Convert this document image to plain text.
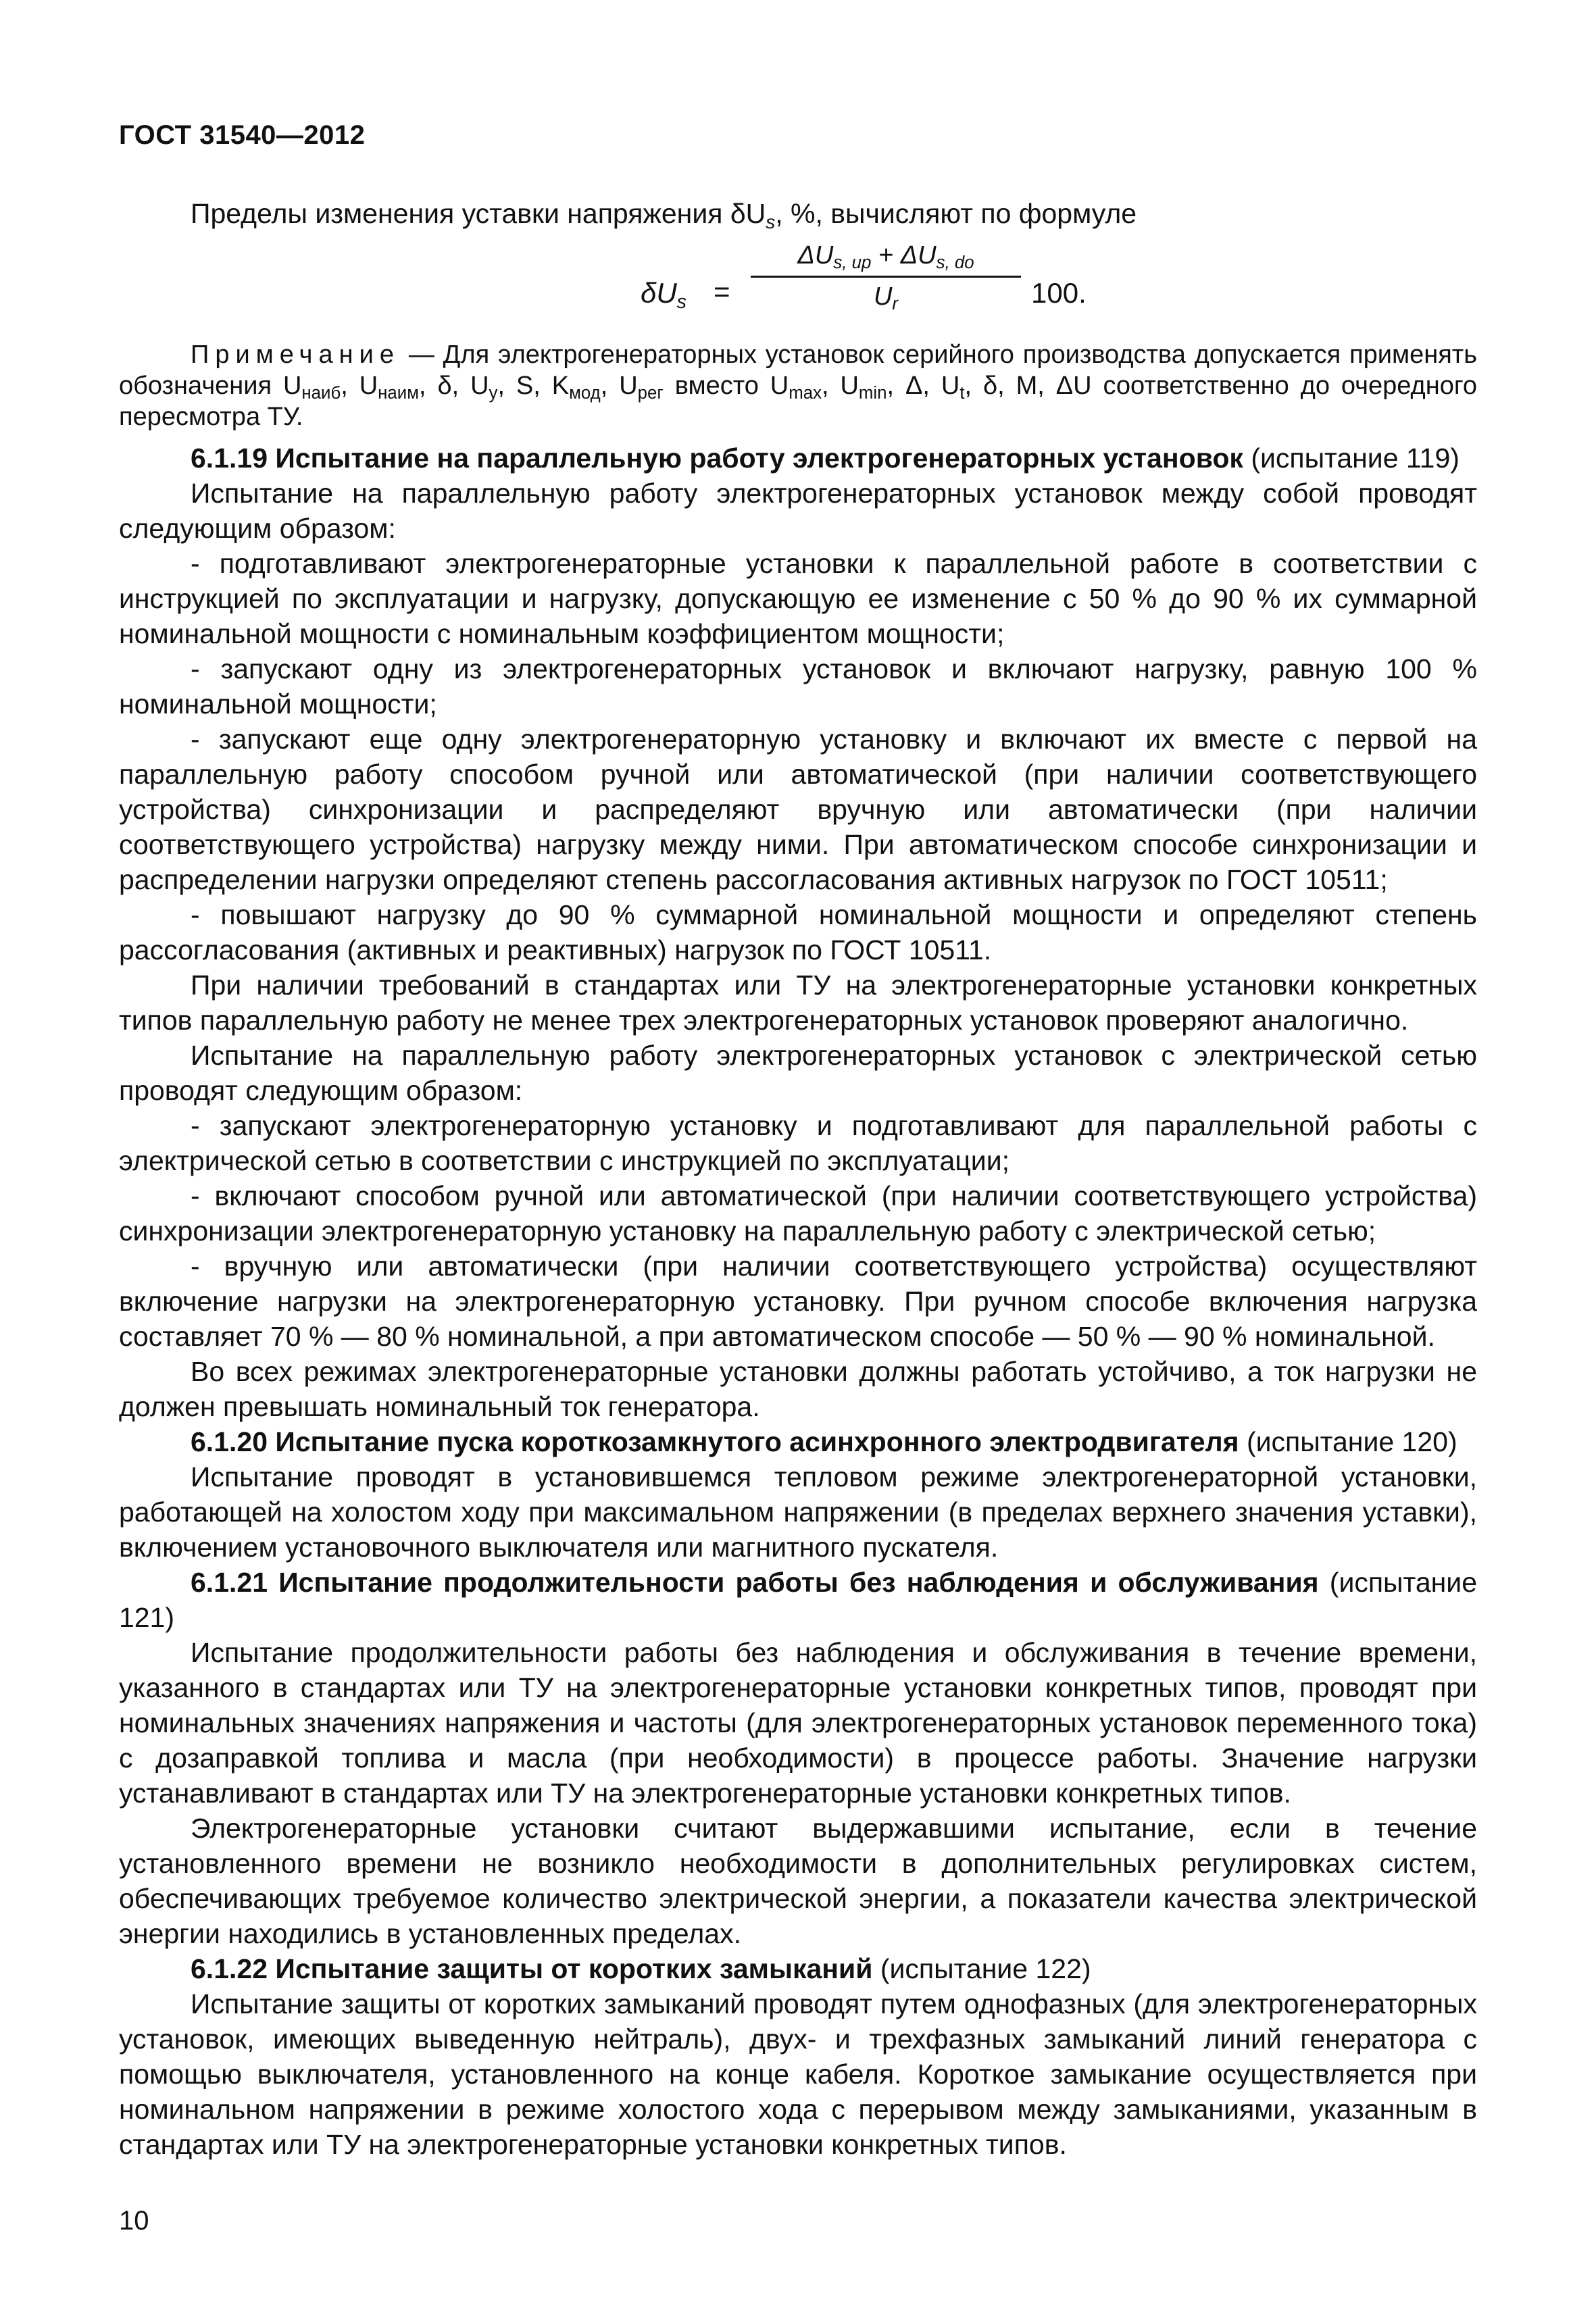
ГОСТ 31540—2012

Пределы изменения уставки напряжения $\delta U_s$, %, вычисляют по формуле

$\delta U_s$ =
$\Delta U_{s, up} + \Delta U_{s, do}$
$U_r$	100.

Примечание — Для электрогенераторных установок серийного производства допускается применять обозначения $U_{наиб}$, $U_{наим}$, δ, $U_у$, S, $K_{мод}$, $U_{рег}$ вместо $U_{max}$, $U_{min}$, Δ, $U_t$, δ, M, ΔU соответственно до очередного пересмотра ТУ.

6.1.19 Испытание на параллельную работу электрогенераторных установок (испытание 119)

Испытание на параллельную работу электрогенераторных установок между собой проводят следующим образом:

- подготавливают электрогенераторные установки к параллельной работе в соответствии с инструкцией по эксплуатации и нагрузку, допускающую ее изменение с 50 % до 90 % их суммарной номинальной мощности с номинальным коэффициентом мощности;

- запускают одну из электрогенераторных установок и включают нагрузку, равную 100 % номинальной мощности;

- запускают еще одну электрогенераторную установку и включают их вместе с первой на параллельную работу способом ручной или автоматической (при наличии соответствующего устройства) синхронизации и распределяют вручную или автоматически (при наличии соответствующего устройства) нагрузку между ними. При автоматическом способе синхронизации и распределении нагрузки определяют степень рассогласования активных нагрузок по ГОСТ 10511;

- повышают нагрузку до 90 % суммарной номинальной мощности и определяют степень рассогласования (активных и реактивных) нагрузок по ГОСТ 10511.

При наличии требований в стандартах или ТУ на электрогенераторные установки конкретных типов параллельную работу не менее трех электрогенераторных установок проверяют аналогично.

Испытание на параллельную работу электрогенераторных установок с электрической сетью проводят следующим образом:

- запускают электрогенераторную установку и подготавливают для параллельной работы с электрической сетью в соответствии с инструкцией по эксплуатации;

- включают способом ручной или автоматической (при наличии соответствующего устройства) синхронизации электрогенераторную установку на параллельную работу с электрической сетью;

- вручную или автоматически (при наличии соответствующего устройства) осуществляют включение нагрузки на электрогенераторную установку. При ручном способе включения нагрузка составляет 70 % — 80 % номинальной, а при автоматическом способе — 50 % — 90 % номинальной.

Во всех режимах электрогенераторные установки должны работать устойчиво, а ток нагрузки не должен превышать номинальный ток генератора.

6.1.20 Испытание пуска короткозамкнутого асинхронного электродвигателя (испытание 120)

Испытание проводят в установившемся тепловом режиме электрогенераторной установки, работающей на холостом ходу при максимальном напряжении (в пределах верхнего значения уставки), включением установочного выключателя или магнитного пускателя.

6.1.21 Испытание продолжительности работы без наблюдения и обслуживания (испытание 121)

Испытание продолжительности работы без наблюдения и обслуживания в течение времени, указанного в стандартах или ТУ на электрогенераторные установки конкретных типов, проводят при номинальных значениях напряжения и частоты (для электрогенераторных установок переменного тока) с дозаправкой топлива и масла (при необходимости) в процессе работы. Значение нагрузки устанавливают в стандартах или ТУ на электрогенераторные установки конкретных типов.

Электрогенераторные установки считают выдержавшими испытание, если в течение установленного времени не возникло необходимости в дополнительных регулировках систем, обеспечивающих требуемое количество электрической энергии, а показатели качества электрической энергии находились в установленных пределах.

6.1.22 Испытание защиты от коротких замыканий (испытание 122)

Испытание защиты от коротких замыканий проводят путем однофазных (для электрогенераторных установок, имеющих выведенную нейтраль), двух- и трехфазных замыканий линий генератора с помощью выключателя, установленного на конце кабеля. Короткое замыкание осуществляется при номинальном напряжении в режиме холостого хода с перерывом между замыканиями, указанным в стандартах или ТУ на электрогенераторные установки конкретных типов.

10
